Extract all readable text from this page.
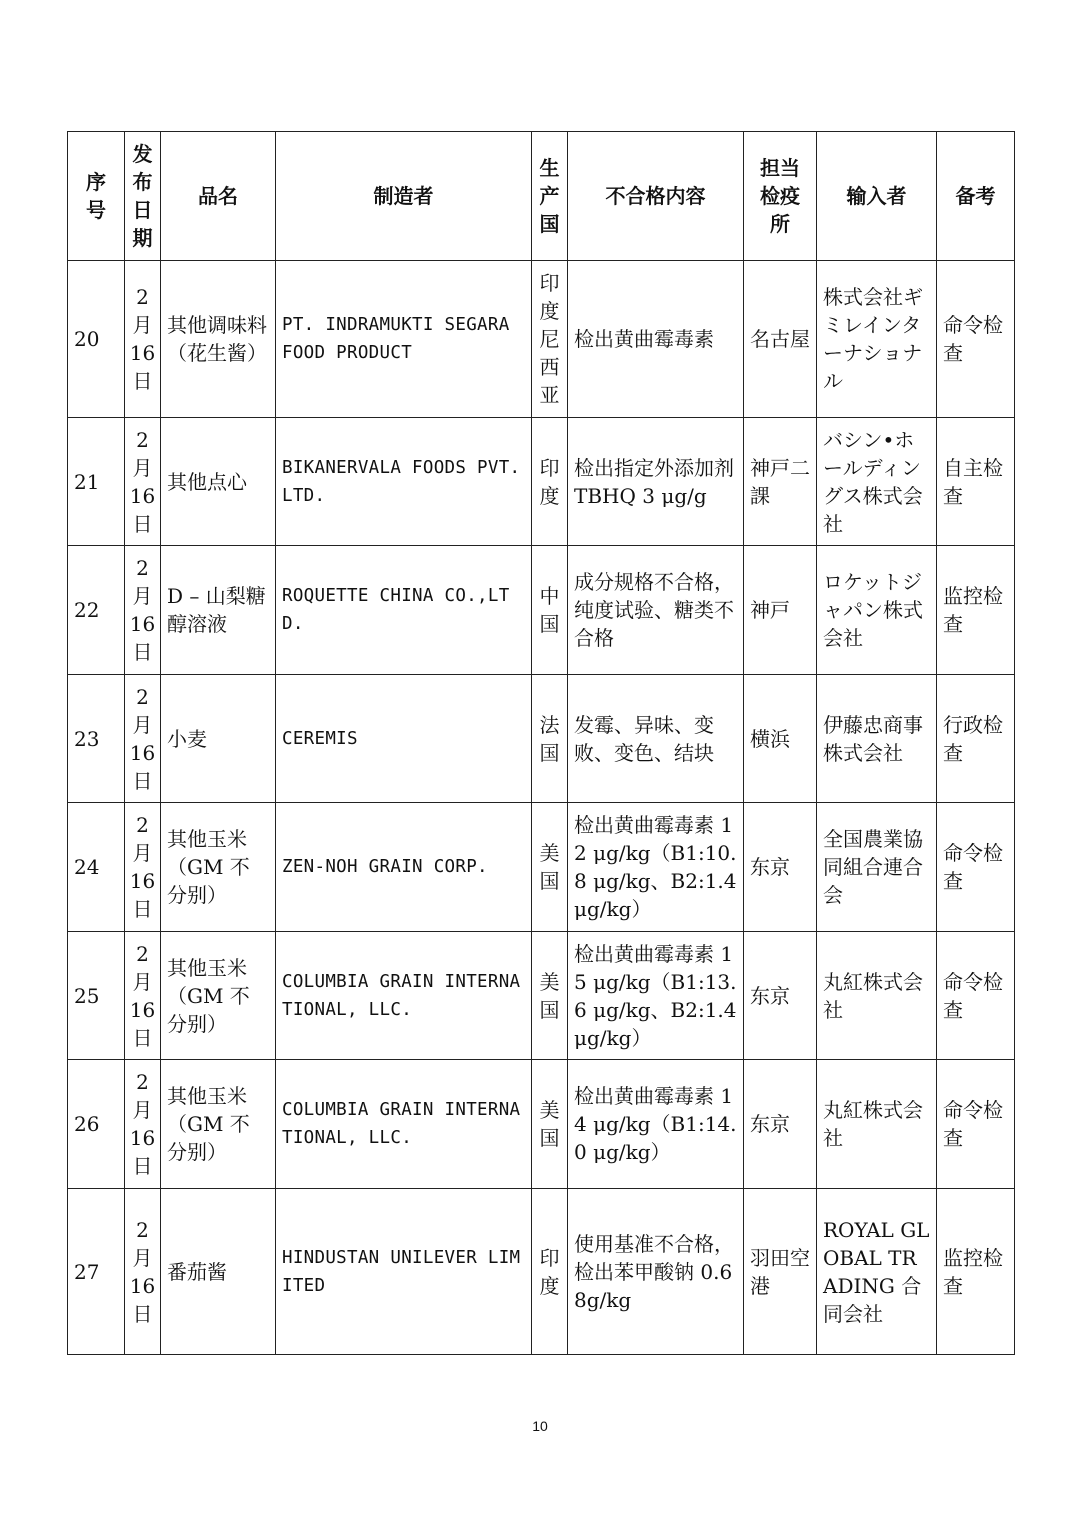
序
号	发
布
日
期	品名	制造者	生
产
国	不合格内容	担当
检疫
所	输入者	备考
20	2
月
16
日	其他调味料（花生酱）	PT. INDRAMUKTI SEGARA FOOD PRODUCT	印
度
尼
西
亚	检出黄曲霉毒素	名古屋	株式会社ギミレインターナショナル	命令检查
21	2
月
16
日	其他点心	BIKANERVALA FOODS PVT. LTD.	印
度	检出指定外添加剂 TBHQ 3 μg/g	神戸二課	バシン•ホールディングス株式会社	自主检查
22	2
月
16
日	D – 山梨糖醇溶液	ROQUETTE CHINA CO.,LTD.	中
国	成分规格不合格，纯度试验、糖类不合格	神戸	ロケットジャパン株式会社	监控检查
23	2
月
16
日	小麦	CEREMIS	法
国	发霉、异味、变败、变色、结块	横浜	伊藤忠商事株式会社	行政检查
24	2
月
16
日	其他玉米（GM 不分别）	ZEN-NOH GRAIN CORP.	美
国	检出黄曲霉毒素 12 μg/kg（B1:10.8 μg/kg、B2:1.4 μg/kg）	东京	全国農業協同組合連合会	命令检查
25	2
月
16
日	其他玉米（GM 不分别）	COLUMBIA GRAIN INTERNATIONAL, LLC.	美
国	检出黄曲霉毒素 15 μg/kg（B1:13.6 μg/kg、B2:1.4 μg/kg）	东京	丸紅株式会社	命令检查
26	2
月
16
日	其他玉米（GM 不分别）	COLUMBIA GRAIN INTERNATIONAL, LLC.	美
国	检出黄曲霉毒素 14 μg/kg（B1:14.0 μg/kg）	东京	丸紅株式会社	命令检查
27	2
月
16
日	番茄酱	HINDUSTAN UNILEVER LIMITED	印
度	使用基准不合格，检出苯甲酸钠 0.68g/kg	羽田空港	ROYAL GLOBAL TRADING 合同会社	监控检查
10
